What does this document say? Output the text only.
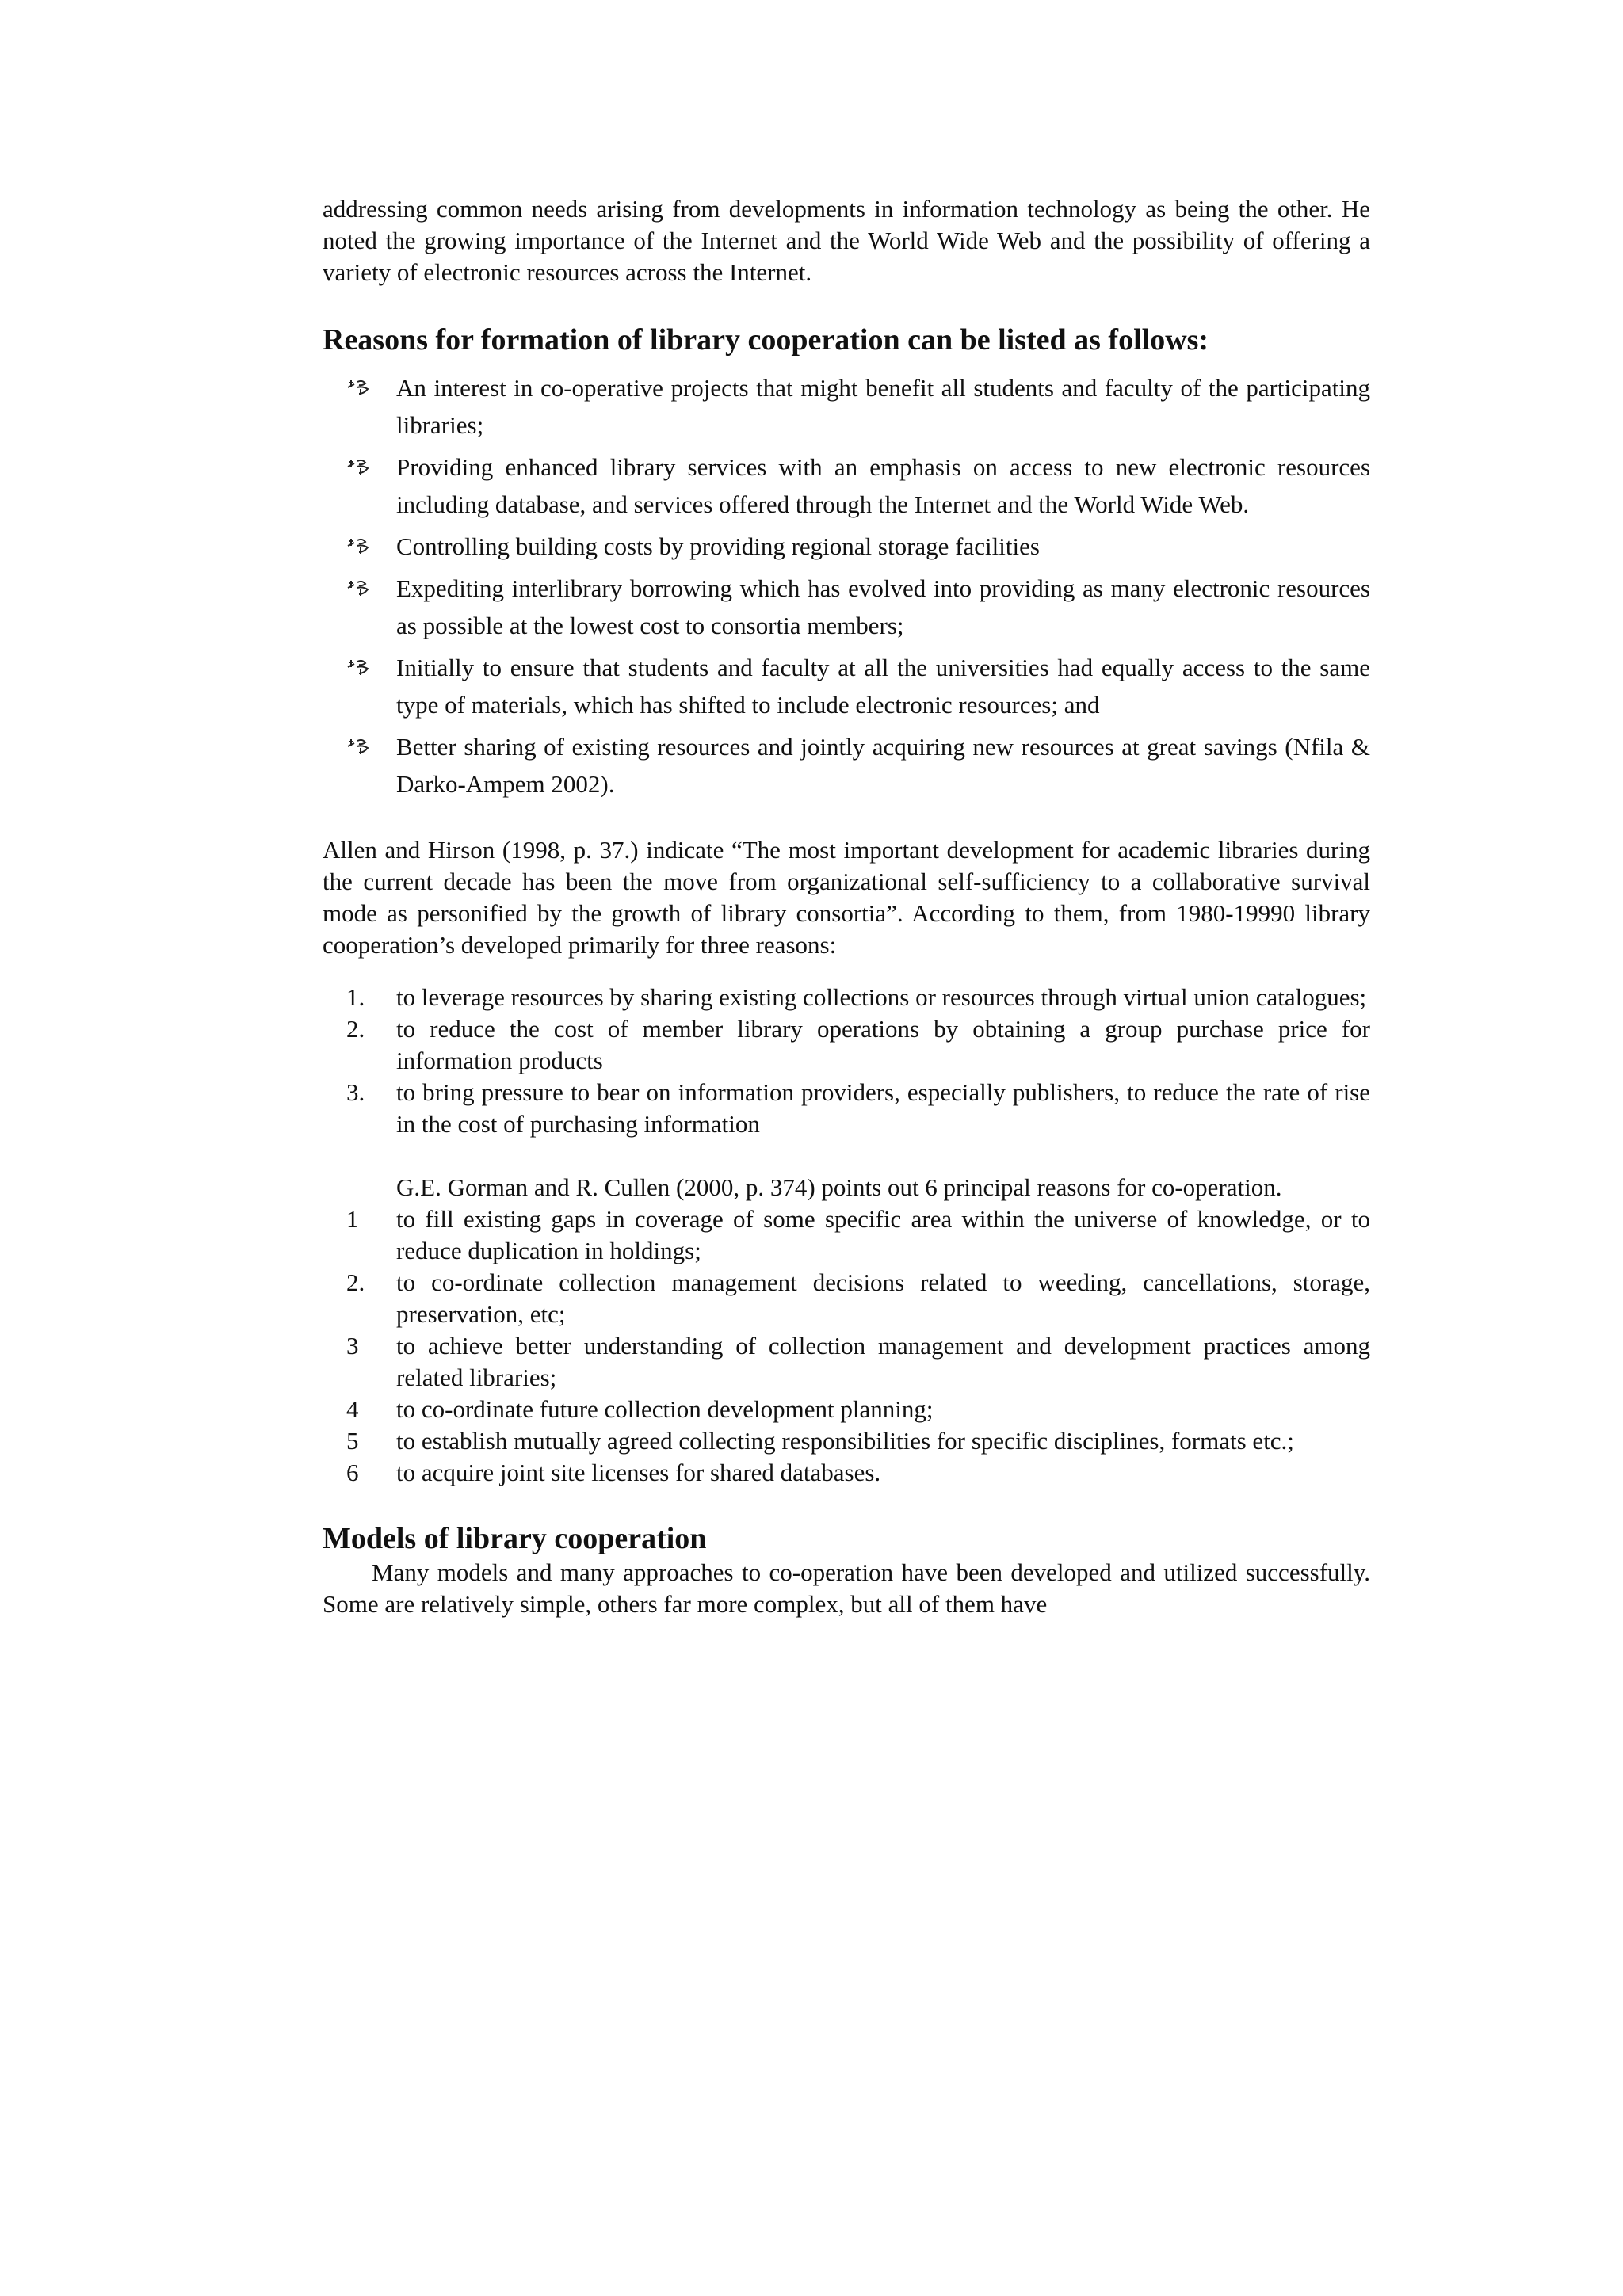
addressing common needs arising from developments in information technology as being the other. He noted the growing importance of the Internet and the World Wide Web and the possibility of offering a variety of electronic resources across the Internet.

Reasons for formation of library cooperation can be listed as follows:
An interest in co-operative projects that might benefit all students and faculty of the participating libraries;
Providing enhanced library services with an emphasis on access to new electronic resources including database, and services offered through the Internet and the World Wide Web.
Controlling building costs by providing regional storage facilities
Expediting interlibrary borrowing which has evolved into providing as many electronic resources as possible at the lowest cost to consortia members;
Initially to ensure that students and faculty at all the universities had equally access to the same type of materials, which has shifted to include electronic resources; and
Better sharing of existing resources and jointly acquiring new resources at great savings (Nfila & Darko-Ampem 2002).

Allen and Hirson (1998, p. 37.) indicate “The most important development for academic libraries during the current decade has been the move from organizational self-sufficiency to a collaborative survival mode as personified by the growth of library consortia”. According to them, from 1980-19990 library cooperation’s developed primarily for three reasons:

1. to leverage resources by sharing existing collections or resources through virtual union catalogues;
2. to reduce the cost of member library operations by obtaining a group purchase price for information products
3. to bring pressure to bear on information providers, especially publishers, to reduce the rate of rise in the cost of purchasing information

G.E. Gorman and R. Cullen (2000, p. 374) points out 6 principal reasons for co-operation.

1 to fill existing gaps in coverage of some specific area within the universe of knowledge, or to reduce duplication in holdings;
2. to co-ordinate collection management decisions related to weeding, cancellations, storage, preservation, etc;
3 to achieve better understanding of collection management and development practices among related libraries;
4 to co-ordinate future collection development planning;
5 to establish mutually agreed collecting responsibilities for specific disciplines, formats etc.;
6 to acquire joint site licenses for shared databases.
Models of library cooperation

Many models and many approaches to co-operation have been developed and utilized successfully. Some are relatively simple, others far more complex, but all of them have
